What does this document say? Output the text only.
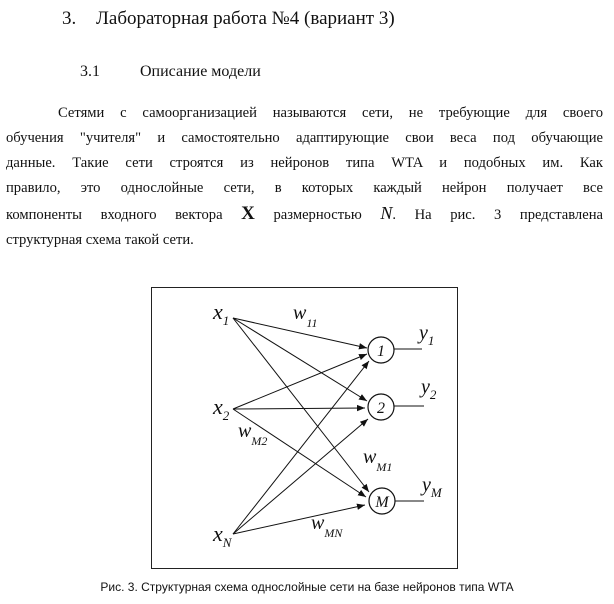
3. Лабораторная работа №4 (вариант 3)
3.1	Описание модели
Сетями с самоорганизацией называются сети, не требующие для своего
обучения "учителя" и самостоятельно адаптирующие свои веса под обучающие
данные. Такие сети строятся из нейронов типа WTA и подобных им. Как
правило, это однослойные сети, в которых каждый нейрон получает все
компоненты входного вектора X размерностью N. На рис. 3 представлена
структурная схема такой сети.
1
2
M
$x_1$
$x_2$
$x_N$
$y_1$
$y_2$
$y_M$
$w_{11}$
$w_{M2}$
$w_{M1}$
$w_{MN}$
Рис. 3. Структурная схема однослойные сети на базе нейронов типа WTA
